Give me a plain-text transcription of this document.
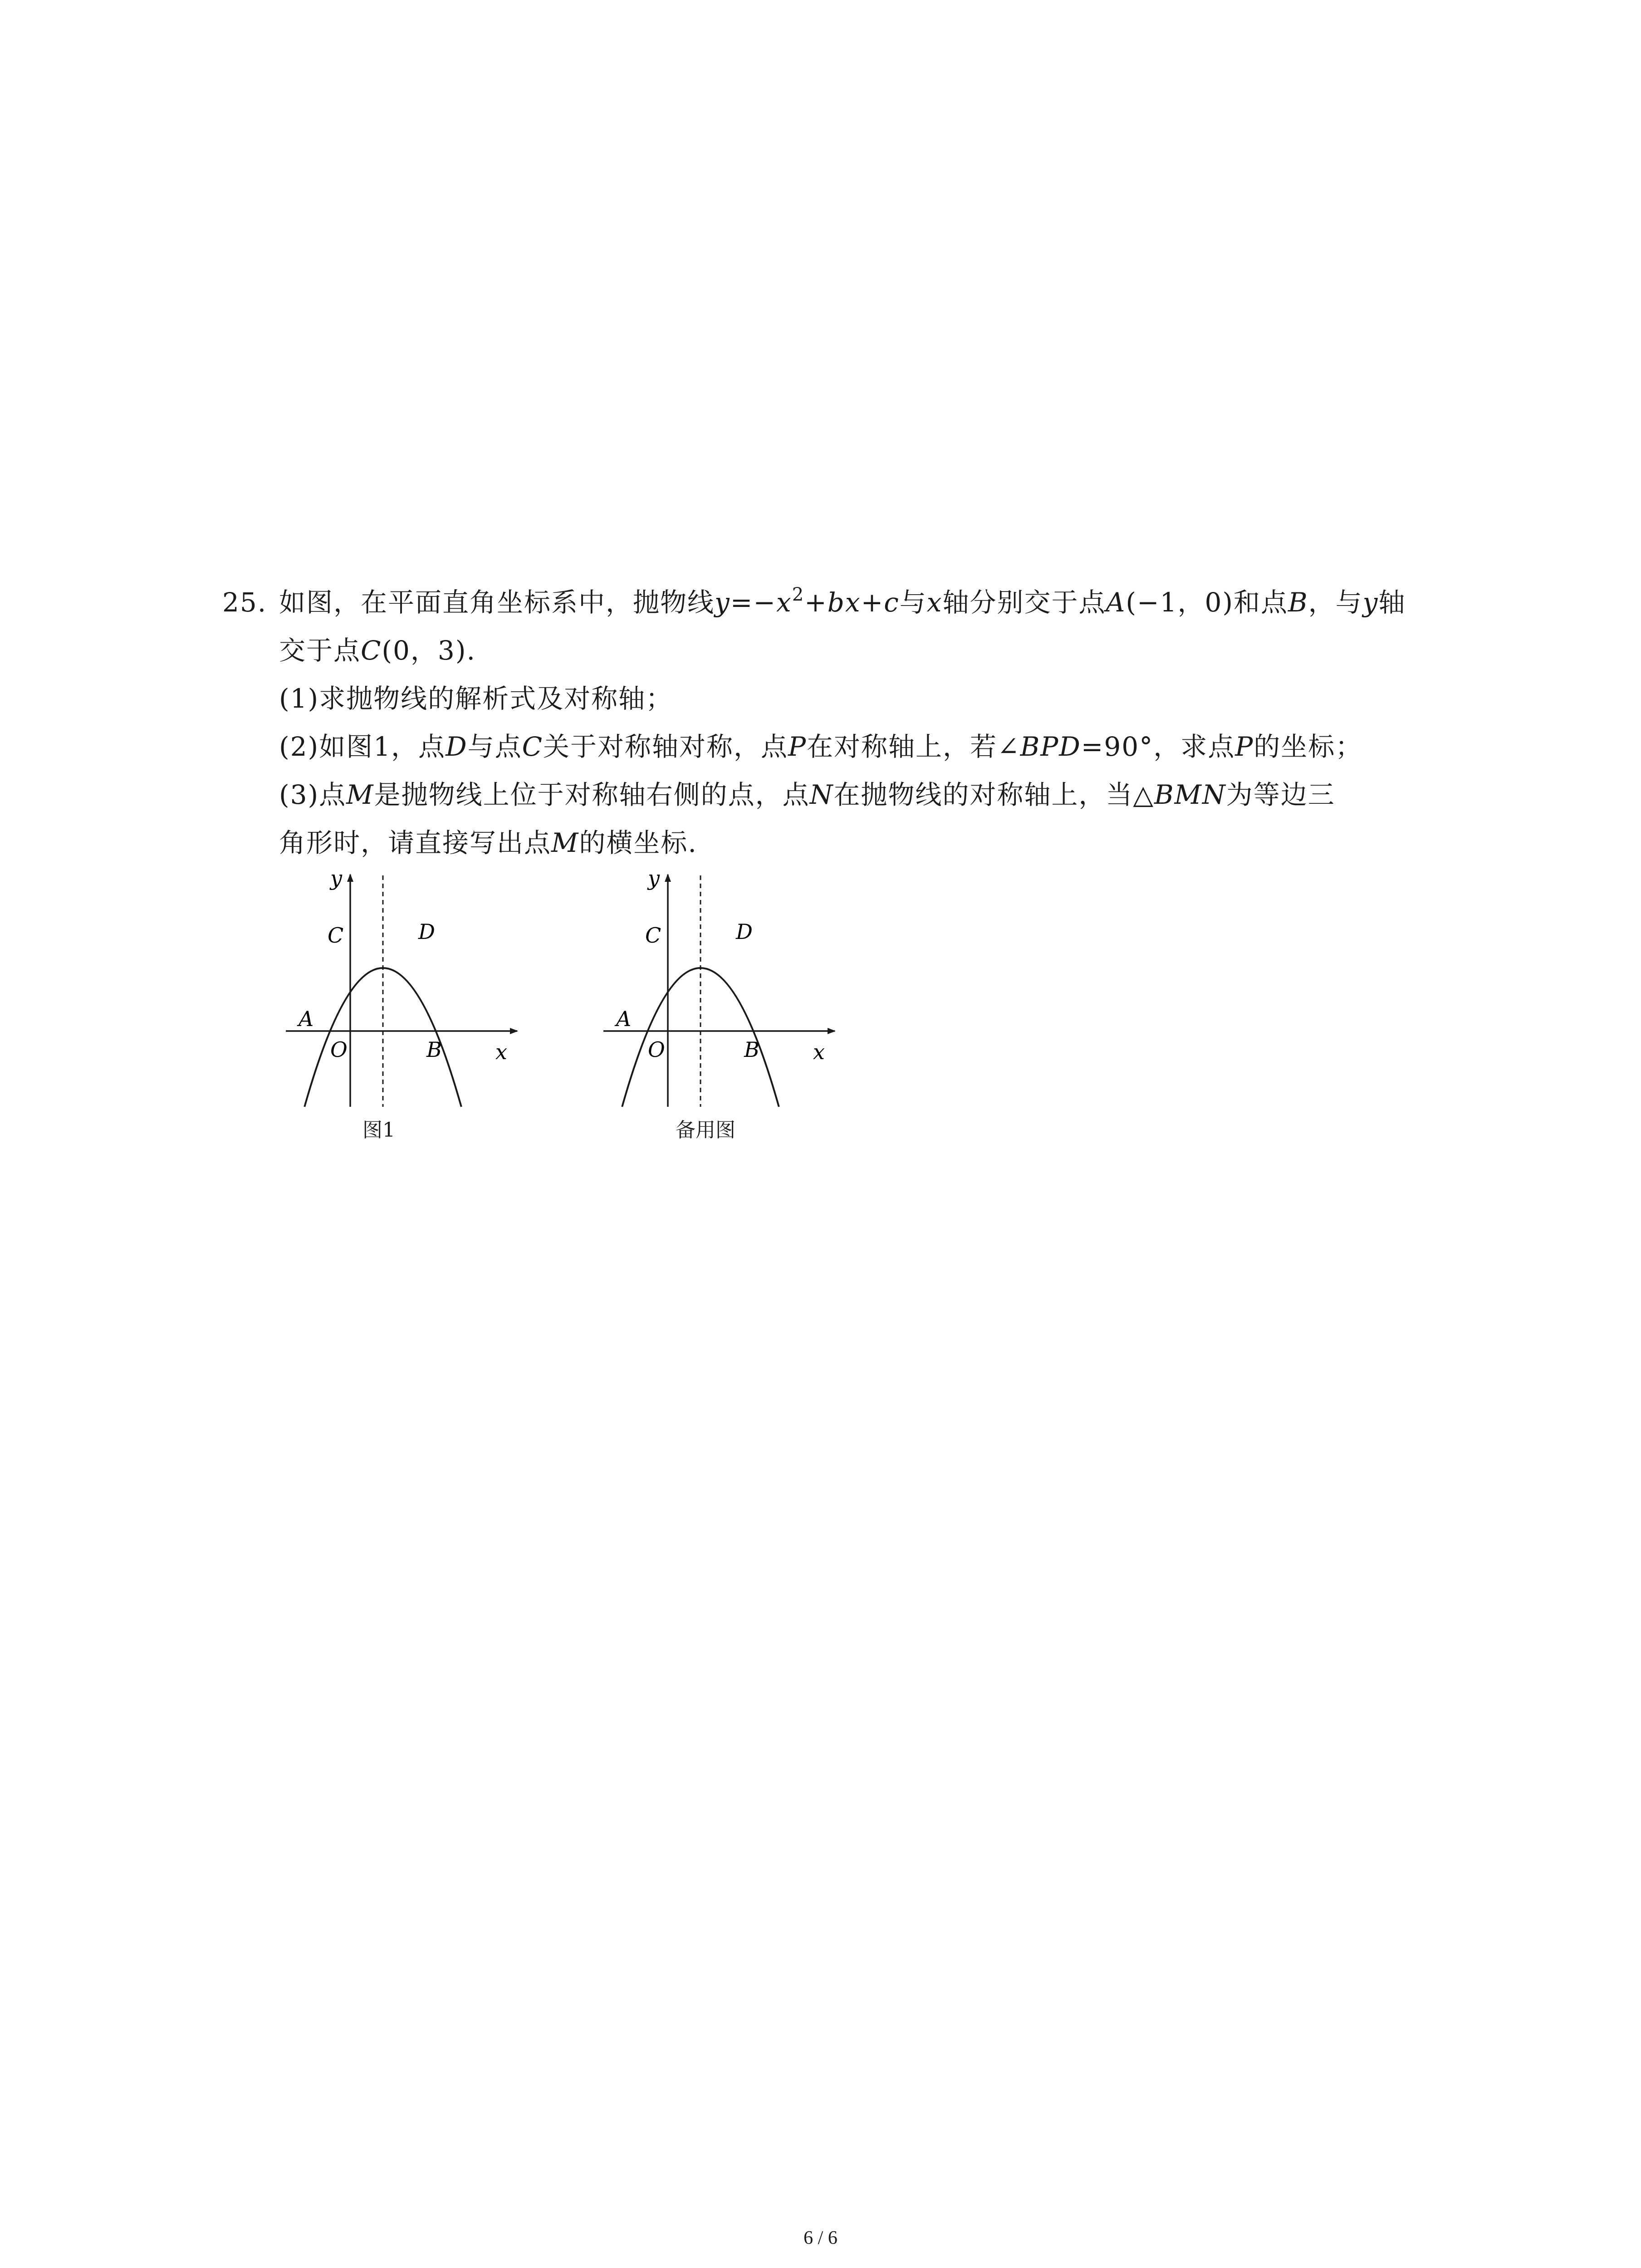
25. 如图，在平面直角坐标系中，抛物线$y=-x^2+bx+c$与x轴分别交于点A(−1，0)和点B，与y轴
交于点C(0，3).
(1)求抛物线的解析式及对称轴；
(2)如图1，点D与点C关于对称轴对称，点P在对称轴上，若∠BPD=90°，求点P的坐标；
(3)点M是抛物线上位于对称轴右侧的点，点N在抛物线的对称轴上，当△BMN为等边三
角形时，请直接写出点M的横坐标.
y
x
C	D
A
O	B
图1
y
x
C	D
A
O	B
备用图
6 / 6
